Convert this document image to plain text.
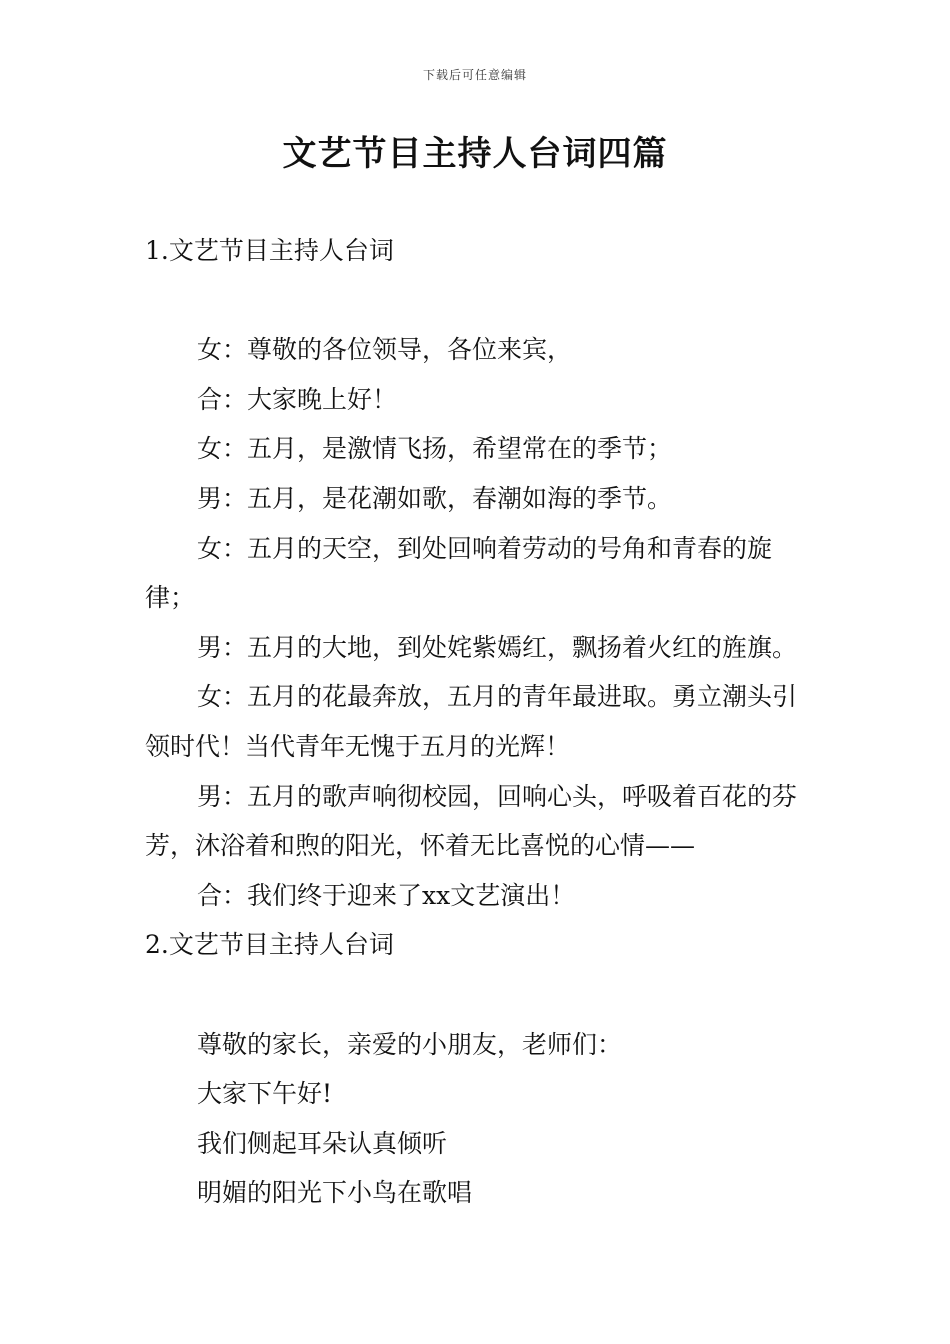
下载后可任意编辑
文艺节目主持人台词四篇

1.文艺节目主持人台词

女：尊敬的各位领导，各位来宾，

合：大家晚上好！

女：五月，是激情飞扬，希望常在的季节；

男：五月，是花潮如歌，春潮如海的季节。

女：五月的天空，到处回响着劳动的号角和青春的旋律；

男：五月的大地，到处姹紫嫣红，飘扬着火红的旌旗。

女：五月的花最奔放，五月的青年最进取。勇立潮头引领时代！当代青年无愧于五月的光辉！

男：五月的歌声响彻校园，回响心头，呼吸着百花的芬芳，沐浴着和煦的阳光，怀着无比喜悦的心情——

合：我们终于迎来了xx文艺演出！

2.文艺节目主持人台词

尊敬的家长，亲爱的小朋友，老师们：

大家下午好!

我们侧起耳朵认真倾听

明媚的阳光下小鸟在歌唱
